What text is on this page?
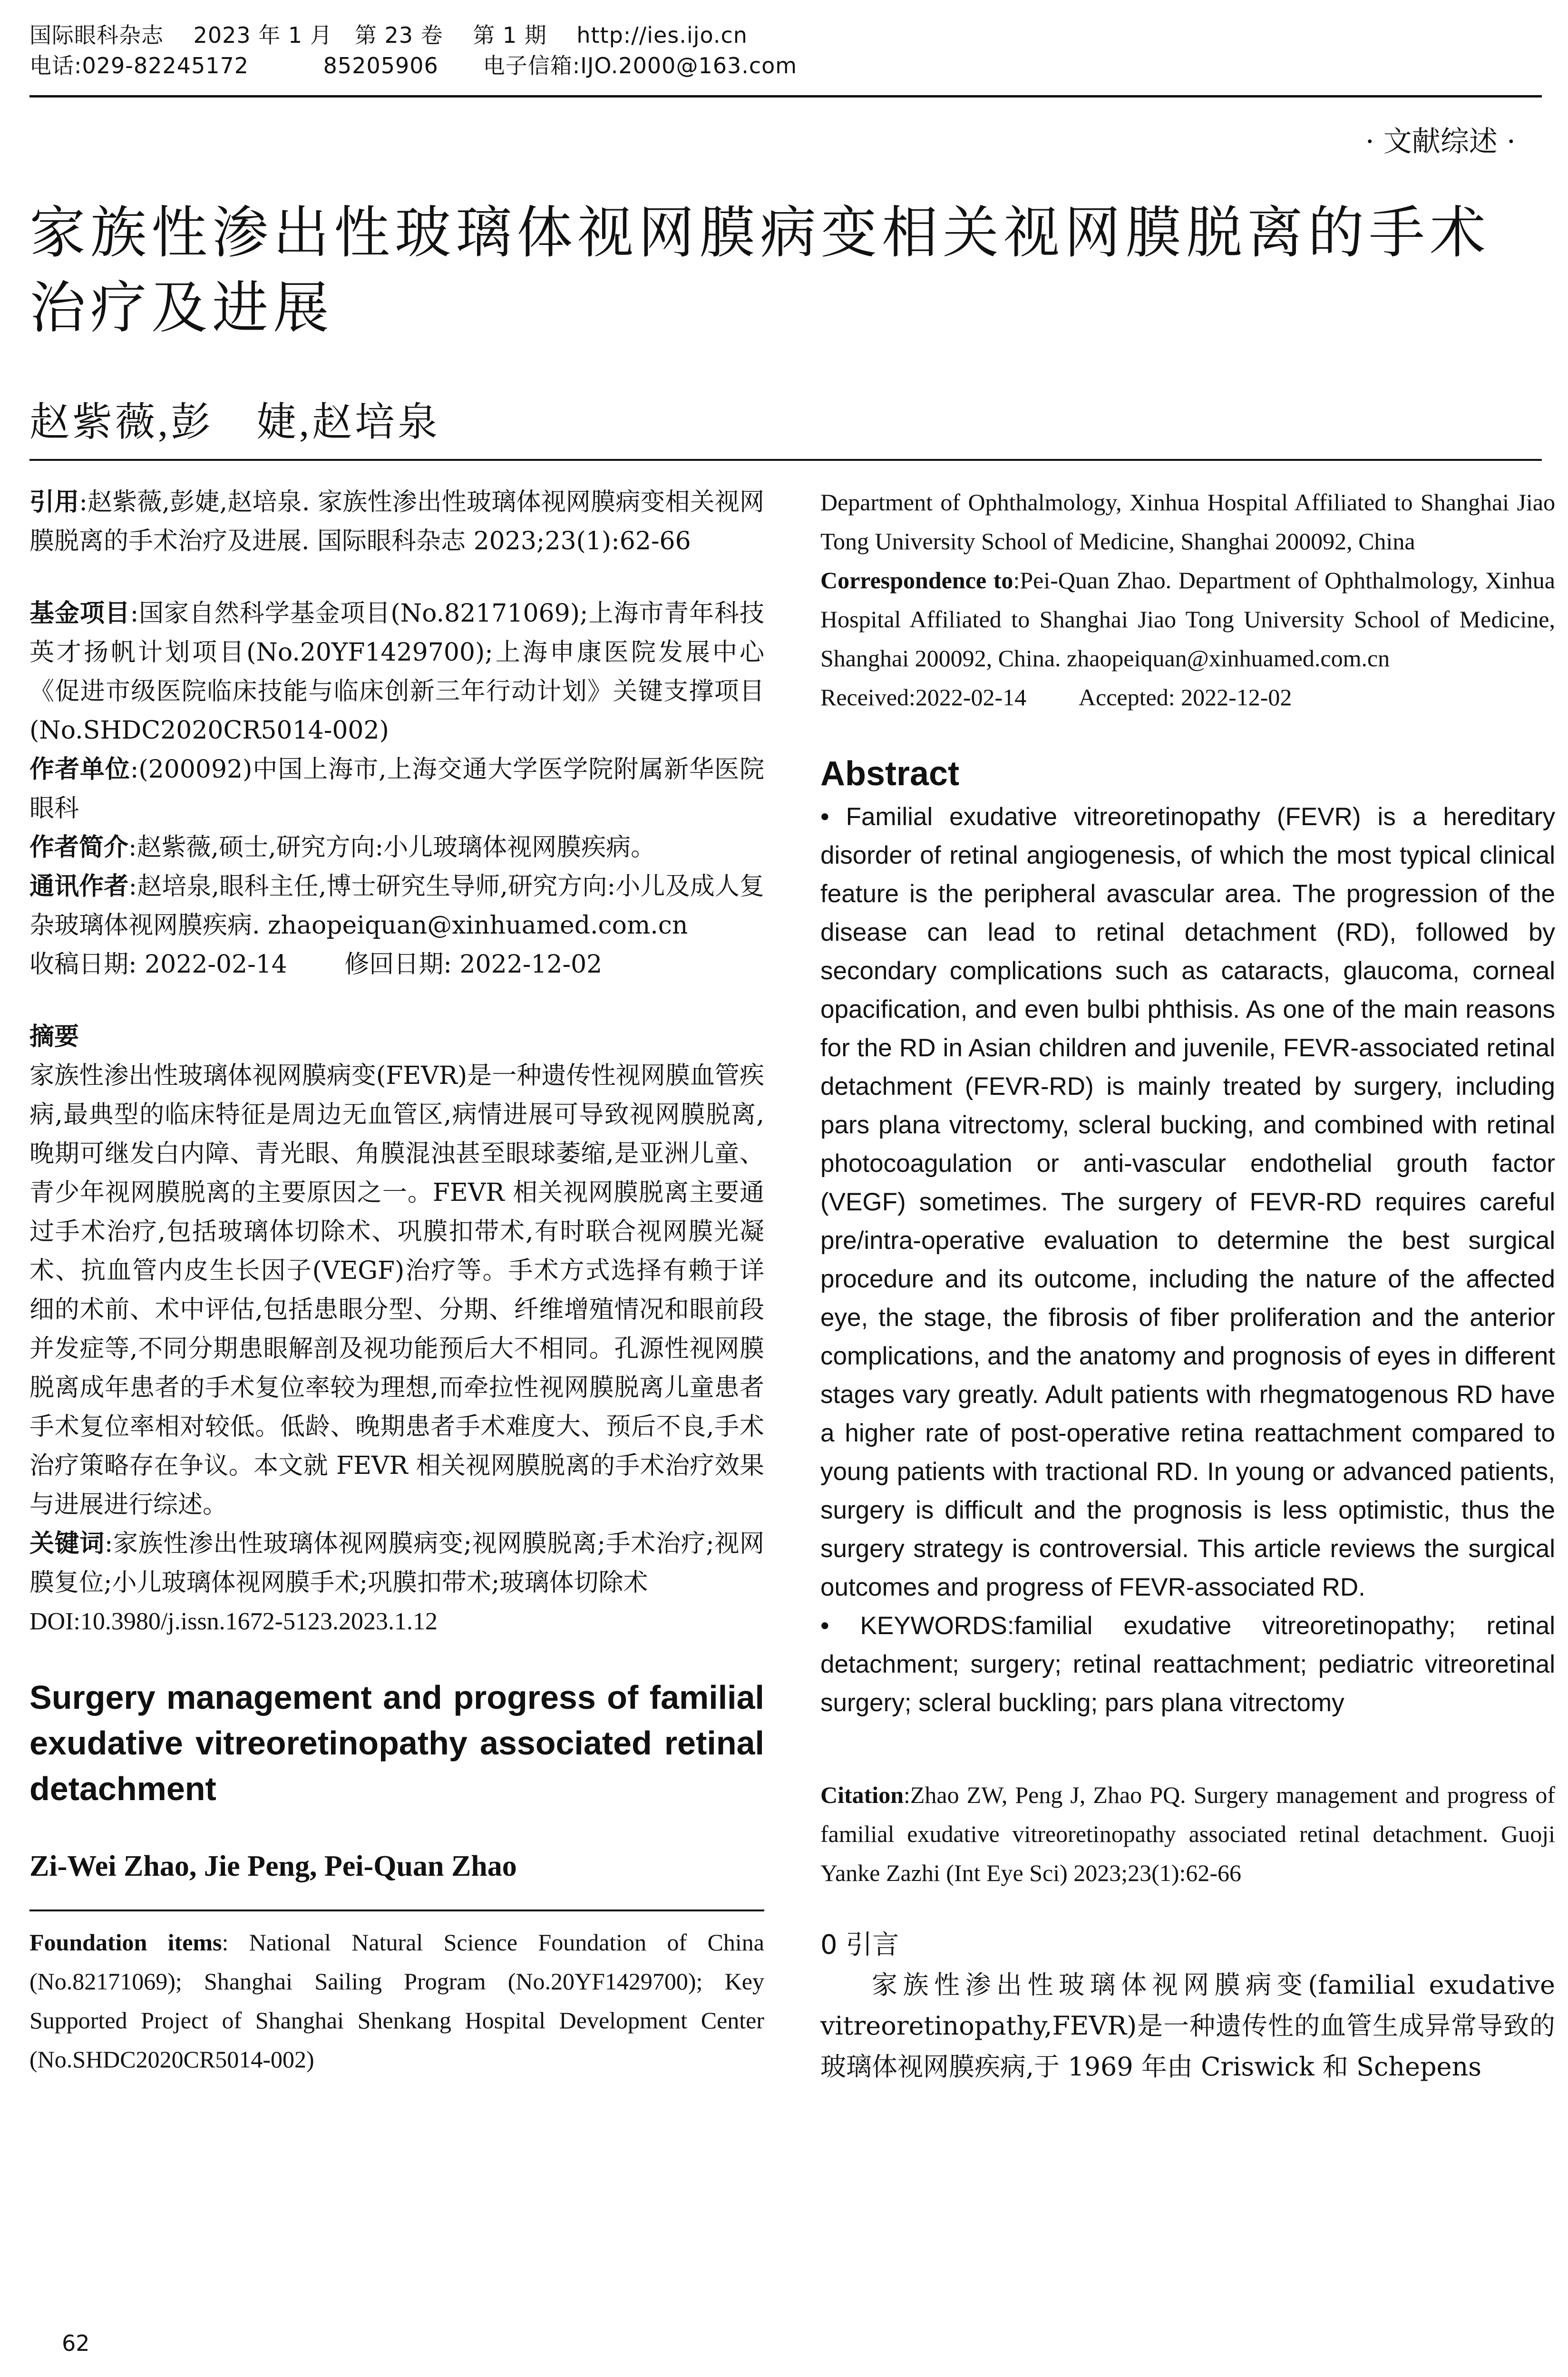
国际眼科杂志　 2023 年 1 月　第 23 卷　 第 1 期　 http://ies.ijo.cn
电话:029-82245172　　　 85205906　　电子信箱:IJO.2000@163.com
· 文献综述 ·
家族性渗出性玻璃体视网膜病变相关视网膜脱离的手术治疗及进展
赵紫薇,彭　婕,赵培泉

引用:赵紫薇,彭婕,赵培泉. 家族性渗出性玻璃体视网膜病变相关视网膜脱离的手术治疗及进展. 国际眼科杂志 2023;23(1):62-66

基金项目:国家自然科学基金项目(No.82171069);上海市青年科技英才扬帆计划项目(No.20YF1429700);上海申康医院发展中心《促进市级医院临床技能与临床创新三年行动计划》关键支撑项目(No.SHDC2020CR5014-002)

作者单位:(200092)中国上海市,上海交通大学医学院附属新华医院眼科

作者简介:赵紫薇,硕士,研究方向:小儿玻璃体视网膜疾病。

通讯作者:赵培泉,眼科主任,博士研究生导师,研究方向:小儿及成人复杂玻璃体视网膜疾病. zhaopeiquan@xinhuamed.com.cn

收稿日期: 2022-02-14　　 修回日期: 2022-12-02

摘要

家族性渗出性玻璃体视网膜病变(FEVR)是一种遗传性视网膜血管疾病,最典型的临床特征是周边无血管区,病情进展可导致视网膜脱离,晚期可继发白内障、青光眼、角膜混浊甚至眼球萎缩,是亚洲儿童、青少年视网膜脱离的主要原因之一。FEVR 相关视网膜脱离主要通过手术治疗,包括玻璃体切除术、巩膜扣带术,有时联合视网膜光凝术、抗血管内皮生长因子(VEGF)治疗等。手术方式选择有赖于详细的术前、术中评估,包括患眼分型、分期、纤维增殖情况和眼前段并发症等,不同分期患眼解剖及视功能预后大不相同。孔源性视网膜脱离成年患者的手术复位率较为理想,而牵拉性视网膜脱离儿童患者手术复位率相对较低。低龄、晚期患者手术难度大、预后不良,手术治疗策略存在争议。本文就 FEVR 相关视网膜脱离的手术治疗效果与进展进行综述。

关键词:家族性渗出性玻璃体视网膜病变;视网膜脱离;手术治疗;视网膜复位;小儿玻璃体视网膜手术;巩膜扣带术;玻璃体切除术

DOI:10.3980/j.issn.1672-5123.2023.1.12

Surgery management and progress of familial exudative vitreoretinopathy associated retinal detachment

Zi-Wei Zhao, Jie Peng, Pei-Quan Zhao

Foundation items: National Natural Science Foundation of China (No.82171069); Shanghai Sailing Program (No.20YF1429700); Key Supported Project of Shanghai Shenkang Hospital Development Center (No.SHDC2020CR5014-002)

Department of Ophthalmology, Xinhua Hospital Affiliated to Shanghai Jiao Tong University School of Medicine, Shanghai 200092, China

Correspondence to:Pei-Quan Zhao. Department of Ophthalmology, Xinhua Hospital Affiliated to Shanghai Jiao Tong University School of Medicine, Shanghai 200092, China. zhaopeiquan@xinhuamed.com.cn

Received:2022-02-14　　 Accepted: 2022-12-02

Abstract

• Familial exudative vitreoretinopathy (FEVR) is a hereditary disorder of retinal angiogenesis, of which the most typical clinical feature is the peripheral avascular area. The progression of the disease can lead to retinal detachment (RD), followed by secondary complications such as cataracts, glaucoma, corneal opacification, and even bulbi phthisis. As one of the main reasons for the RD in Asian children and juvenile, FEVR-associated retinal detachment (FEVR-RD) is mainly treated by surgery, including pars plana vitrectomy, scleral bucking, and combined with retinal photocoagulation or anti-vascular endothelial grouth factor (VEGF) sometimes. The surgery of FEVR-RD requires careful pre/intra-operative evaluation to determine the best surgical procedure and its outcome, including the nature of the affected eye, the stage, the fibrosis of fiber proliferation and the anterior complications, and the anatomy and prognosis of eyes in different stages vary greatly. Adult patients with rhegmatogenous RD have a higher rate of post-operative retina reattachment compared to young patients with tractional RD. In young or advanced patients, surgery is difficult and the prognosis is less optimistic, thus the surgery strategy is controversial. This article reviews the surgical outcomes and progress of FEVR-associated RD.

• KEYWORDS:familial exudative vitreoretinopathy; retinal detachment; surgery; retinal reattachment; pediatric vitreoretinal surgery; scleral buckling; pars plana vitrectomy

Citation:Zhao ZW, Peng J, Zhao PQ. Surgery management and progress of familial exudative vitreoretinopathy associated retinal detachment. Guoji Yanke Zazhi (Int Eye Sci) 2023;23(1):62-66

0 引言

家族性渗出性玻璃体视网膜病变(familial exudative vitreoretinopathy,FEVR)是一种遗传性的血管生成异常导致的玻璃体视网膜疾病,于 1969 年由 Criswick 和 Schepens

62
